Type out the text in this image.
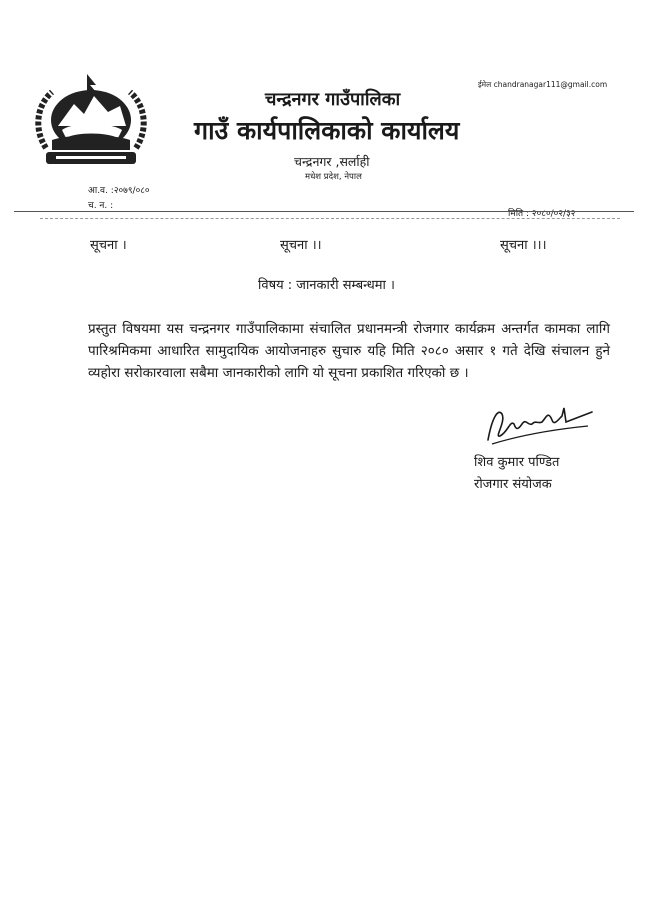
ईमेल chandranagar111@gmail.com
चन्द्रनगर गाउँपालिका
गाउँ कार्यपालिकाको कार्यालय
चन्द्रनगर ,सर्लाही
मधेश प्रदेश, नेपाल
आ.व. :२०७९/०८०
च. न. :
मिति : २०८०/०२/३२
सूचना ।	सूचना ।।	सूचना ।।।
विषय : जानकारी सम्बन्धमा ।
प्रस्तुत विषयमा यस चन्द्रनगर गाउँपालिकामा संचालित प्रधानमन्त्री रोजगार कार्यक्रम अन्तर्गत कामका लागि पारिश्रमिकमा आधारित सामुदायिक आयोजनाहरु सुचारु यहि मिति २०८० असार १ गते देखि संचालन हुने व्यहोरा सरोकारवाला सबैमा जानकारीको लागि यो सूचना प्रकाशित गरिएको छ ।
शिव कुमार पण्डित
रोजगार संयोजक
